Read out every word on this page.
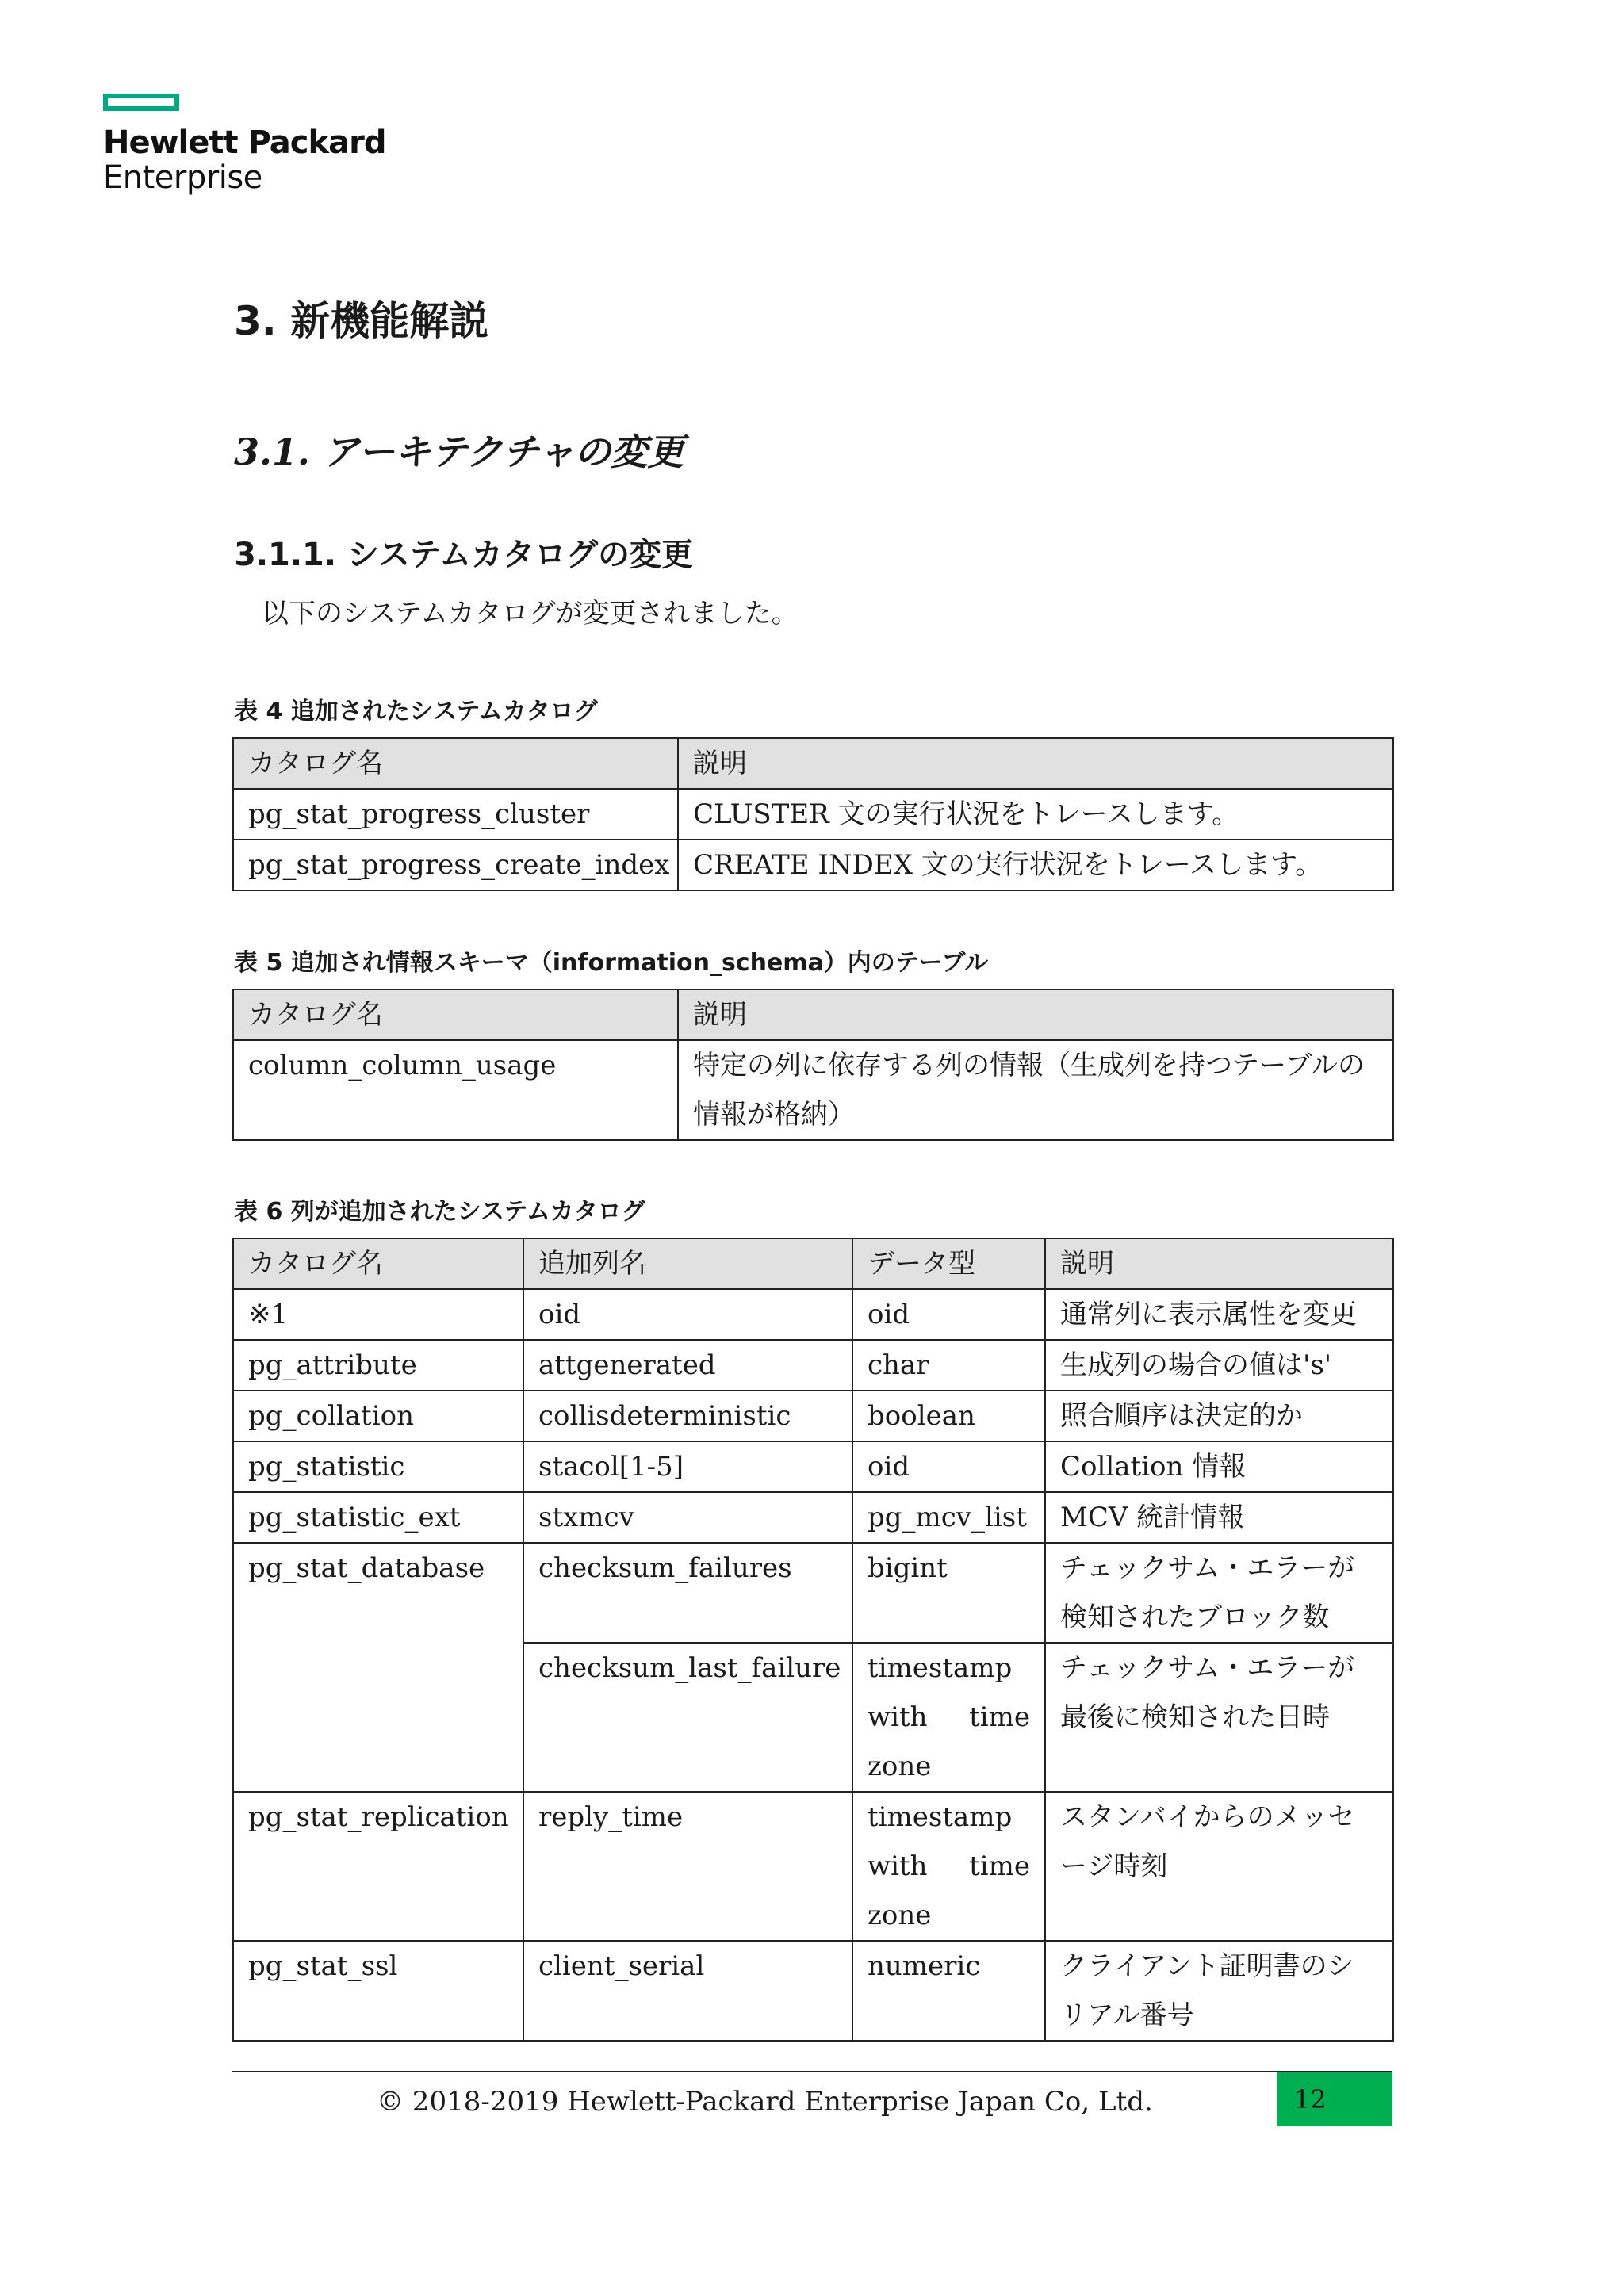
Hewlett Packard
Enterprise
3. 新機能解説
3.1. アーキテクチャの変更
3.1.1. システムカタログの変更
以下のシステムカタログが変更されました。
表 4 追加されたシステムカタログ
カタログ名	説明
pg_stat_progress_cluster	CLUSTER 文の実行状況をトレースします。
pg_stat_progress_create_index	CREATE INDEX 文の実行状況をトレースします。
表 5 追加され情報スキーマ（information_schema）内のテーブル
カタログ名	説明
column_column_usage	特定の列に依存する列の情報（生成列を持つテーブルの情報が格納）
表 6 列が追加されたシステムカタログ
カタログ名	追加列名	データ型	説明
※1	oid	oid	通常列に表示属性を変更
pg_attribute	attgenerated	char	生成列の場合の値は's'
pg_collation	collisdeterministic	boolean	照合順序は決定的か
pg_statistic	stacol[1-5]	oid	Collation 情報
pg_statistic_ext	stxmcv	pg_mcv_list	MCV 統計情報
pg_stat_database	checksum_failures	bigint	チェックサム・エラーが検知されたブロック数
	checksum_last_failure	timestamp with time zone	チェックサム・エラーが最後に検知された日時
pg_stat_replication	reply_time	timestamp with time zone	スタンバイからのメッセージ時刻
pg_stat_ssl	client_serial	numeric	クライアント証明書のシリアル番号
© 2018-2019 Hewlett-Packard Enterprise Japan Co, Ltd.	12
